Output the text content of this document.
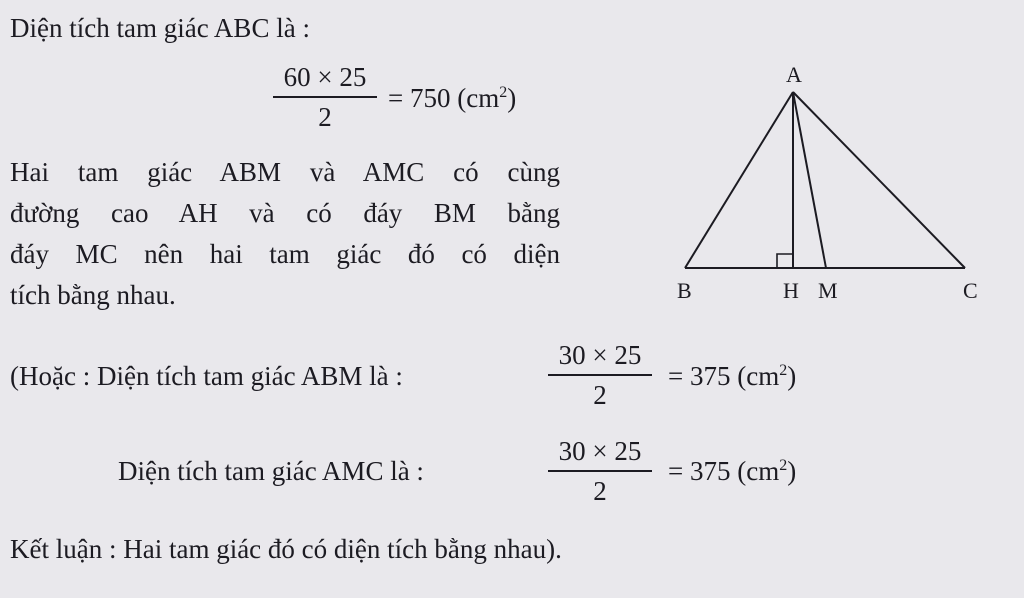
Diện tích tam giác ABC là :
$\frac{60 \times 25}{2} = 750$ $(cm^2)$
Hai tam giác ABM và AMC có cùng
đường cao AH và có đáy BM bằng
đáy MC nên hai tam giác đó có diện
tích bằng nhau.
(Hoặc : Diện tích tam giác ABM là :	$\frac{30 \times 25}{2} = 375$ $(cm^2)$
Diện tích tam giác AMC là :	$\frac{30 \times 25}{2} = 375$ $(cm^2)$
Kết luận : Hai tam giác đó có diện tích bằng nhau).
A
B	H M	C
